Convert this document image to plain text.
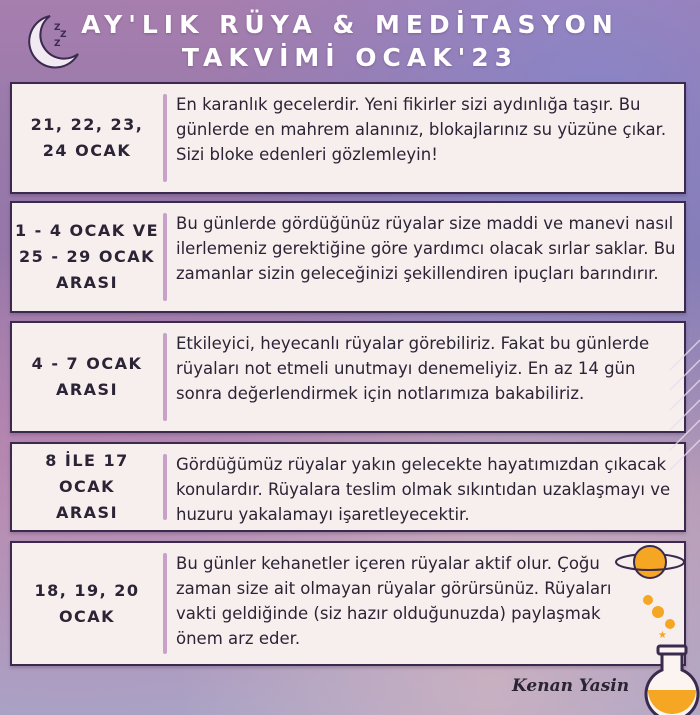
Z
Z
Z
AY'LIK RÜYA & MEDİTASYON
TAKVİMİ OCAK'23
21, 22, 23,
24 OCAK
En karanlık gecelerdir. Yeni fikirler sizi aydınlığa taşır. Bu günlerde en mahrem alanınız, blokajlarınız su yüzüne çıkar. Sizi bloke edenleri gözlemleyin!
1 - 4 OCAK VE
25 - 29 OCAK
ARASI
Bu günlerde gördüğünüz rüyalar size maddi ve manevi nasıl ilerlemeniz gerektiğine göre yardımcı olacak sırlar saklar. Bu zamanlar sizin geleceğinizi şekillendiren ipuçları barındırır.
4 - 7 OCAK
ARASI
Etkileyici, heyecanlı rüyalar görebiliriz. Fakat bu günlerde rüyaları not etmeli unutmayı denemeliyiz. En az 14 gün sonra değerlendirmek için notlarımıza bakabiliriz.
8 İLE 17
OCAK
ARASI
Gördüğümüz rüyalar yakın gelecekte hayatımızdan çıkacak konulardır. Rüyalara teslim olmak sıkıntıdan uzaklaşmayı ve huzuru yakalamayı işaretleyecektir.
18, 19, 20
OCAK
Bu günler kehanetler içeren rüyalar aktif olur. Çoğu zaman size ait olmayan rüyalar görürsünüz. Rüyaları vakti geldiğinde (siz hazır olduğunuzda) paylaşmak önem arz eder.	★
Kenan Yasin
